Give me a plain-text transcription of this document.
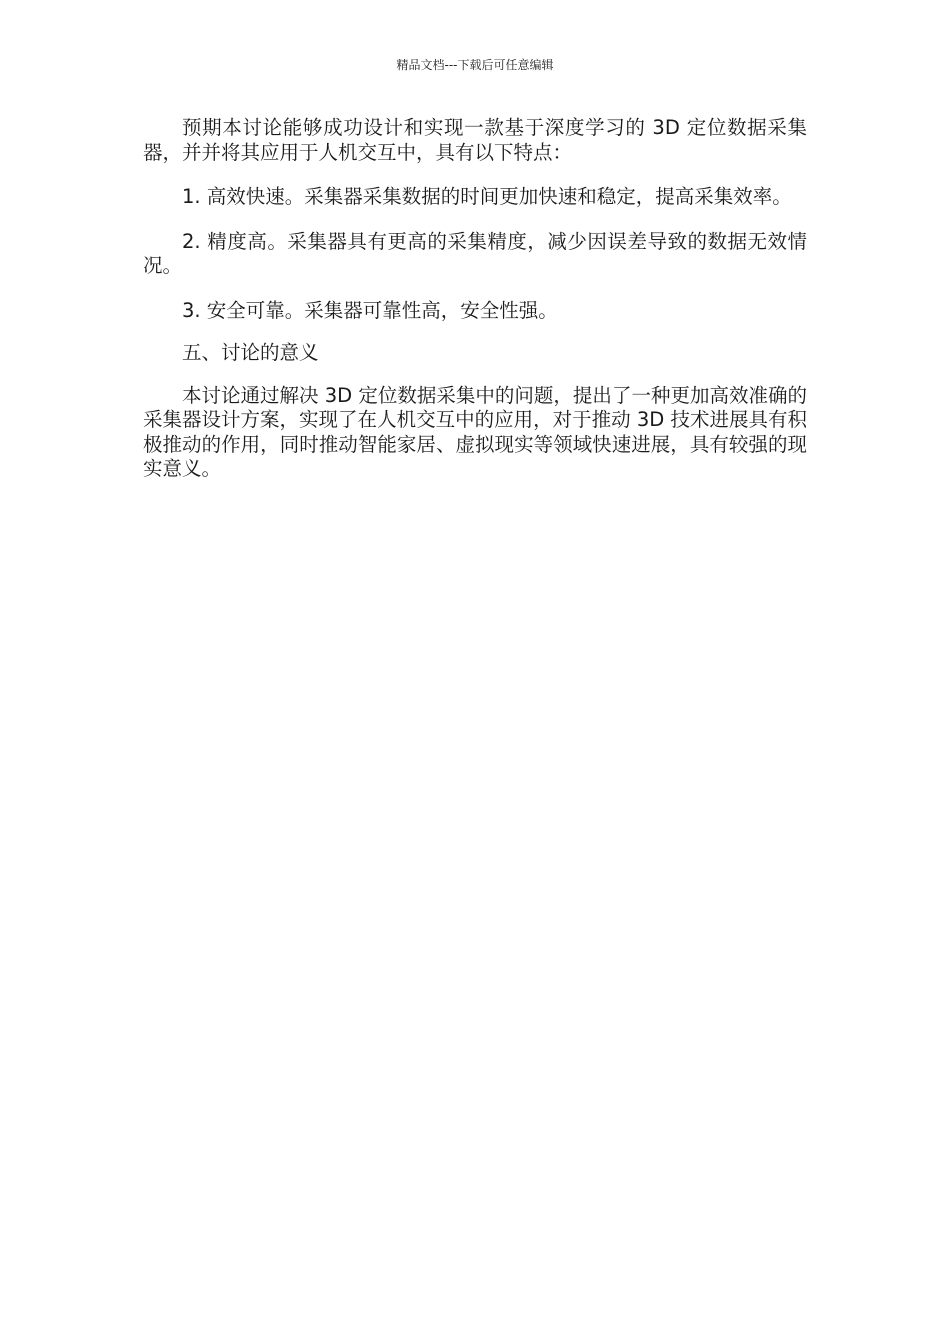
精品文档---下载后可任意编辑

预期本讨论能够成功设计和实现一款基于深度学习的 3D 定位数据采集器，并并将其应用于人机交互中，具有以下特点：

1. 高效快速。采集器采集数据的时间更加快速和稳定，提高采集效率。

2. 精度高。采集器具有更高的采集精度，减少因误差导致的数据无效情况。

3. 安全可靠。采集器可靠性高，安全性强。

五、讨论的意义

本讨论通过解决 3D 定位数据采集中的问题，提出了一种更加高效准确的采集器设计方案，实现了在人机交互中的应用，对于推动 3D 技术进展具有积极推动的作用，同时推动智能家居、虚拟现实等领域快速进展，具有较强的现实意义。
